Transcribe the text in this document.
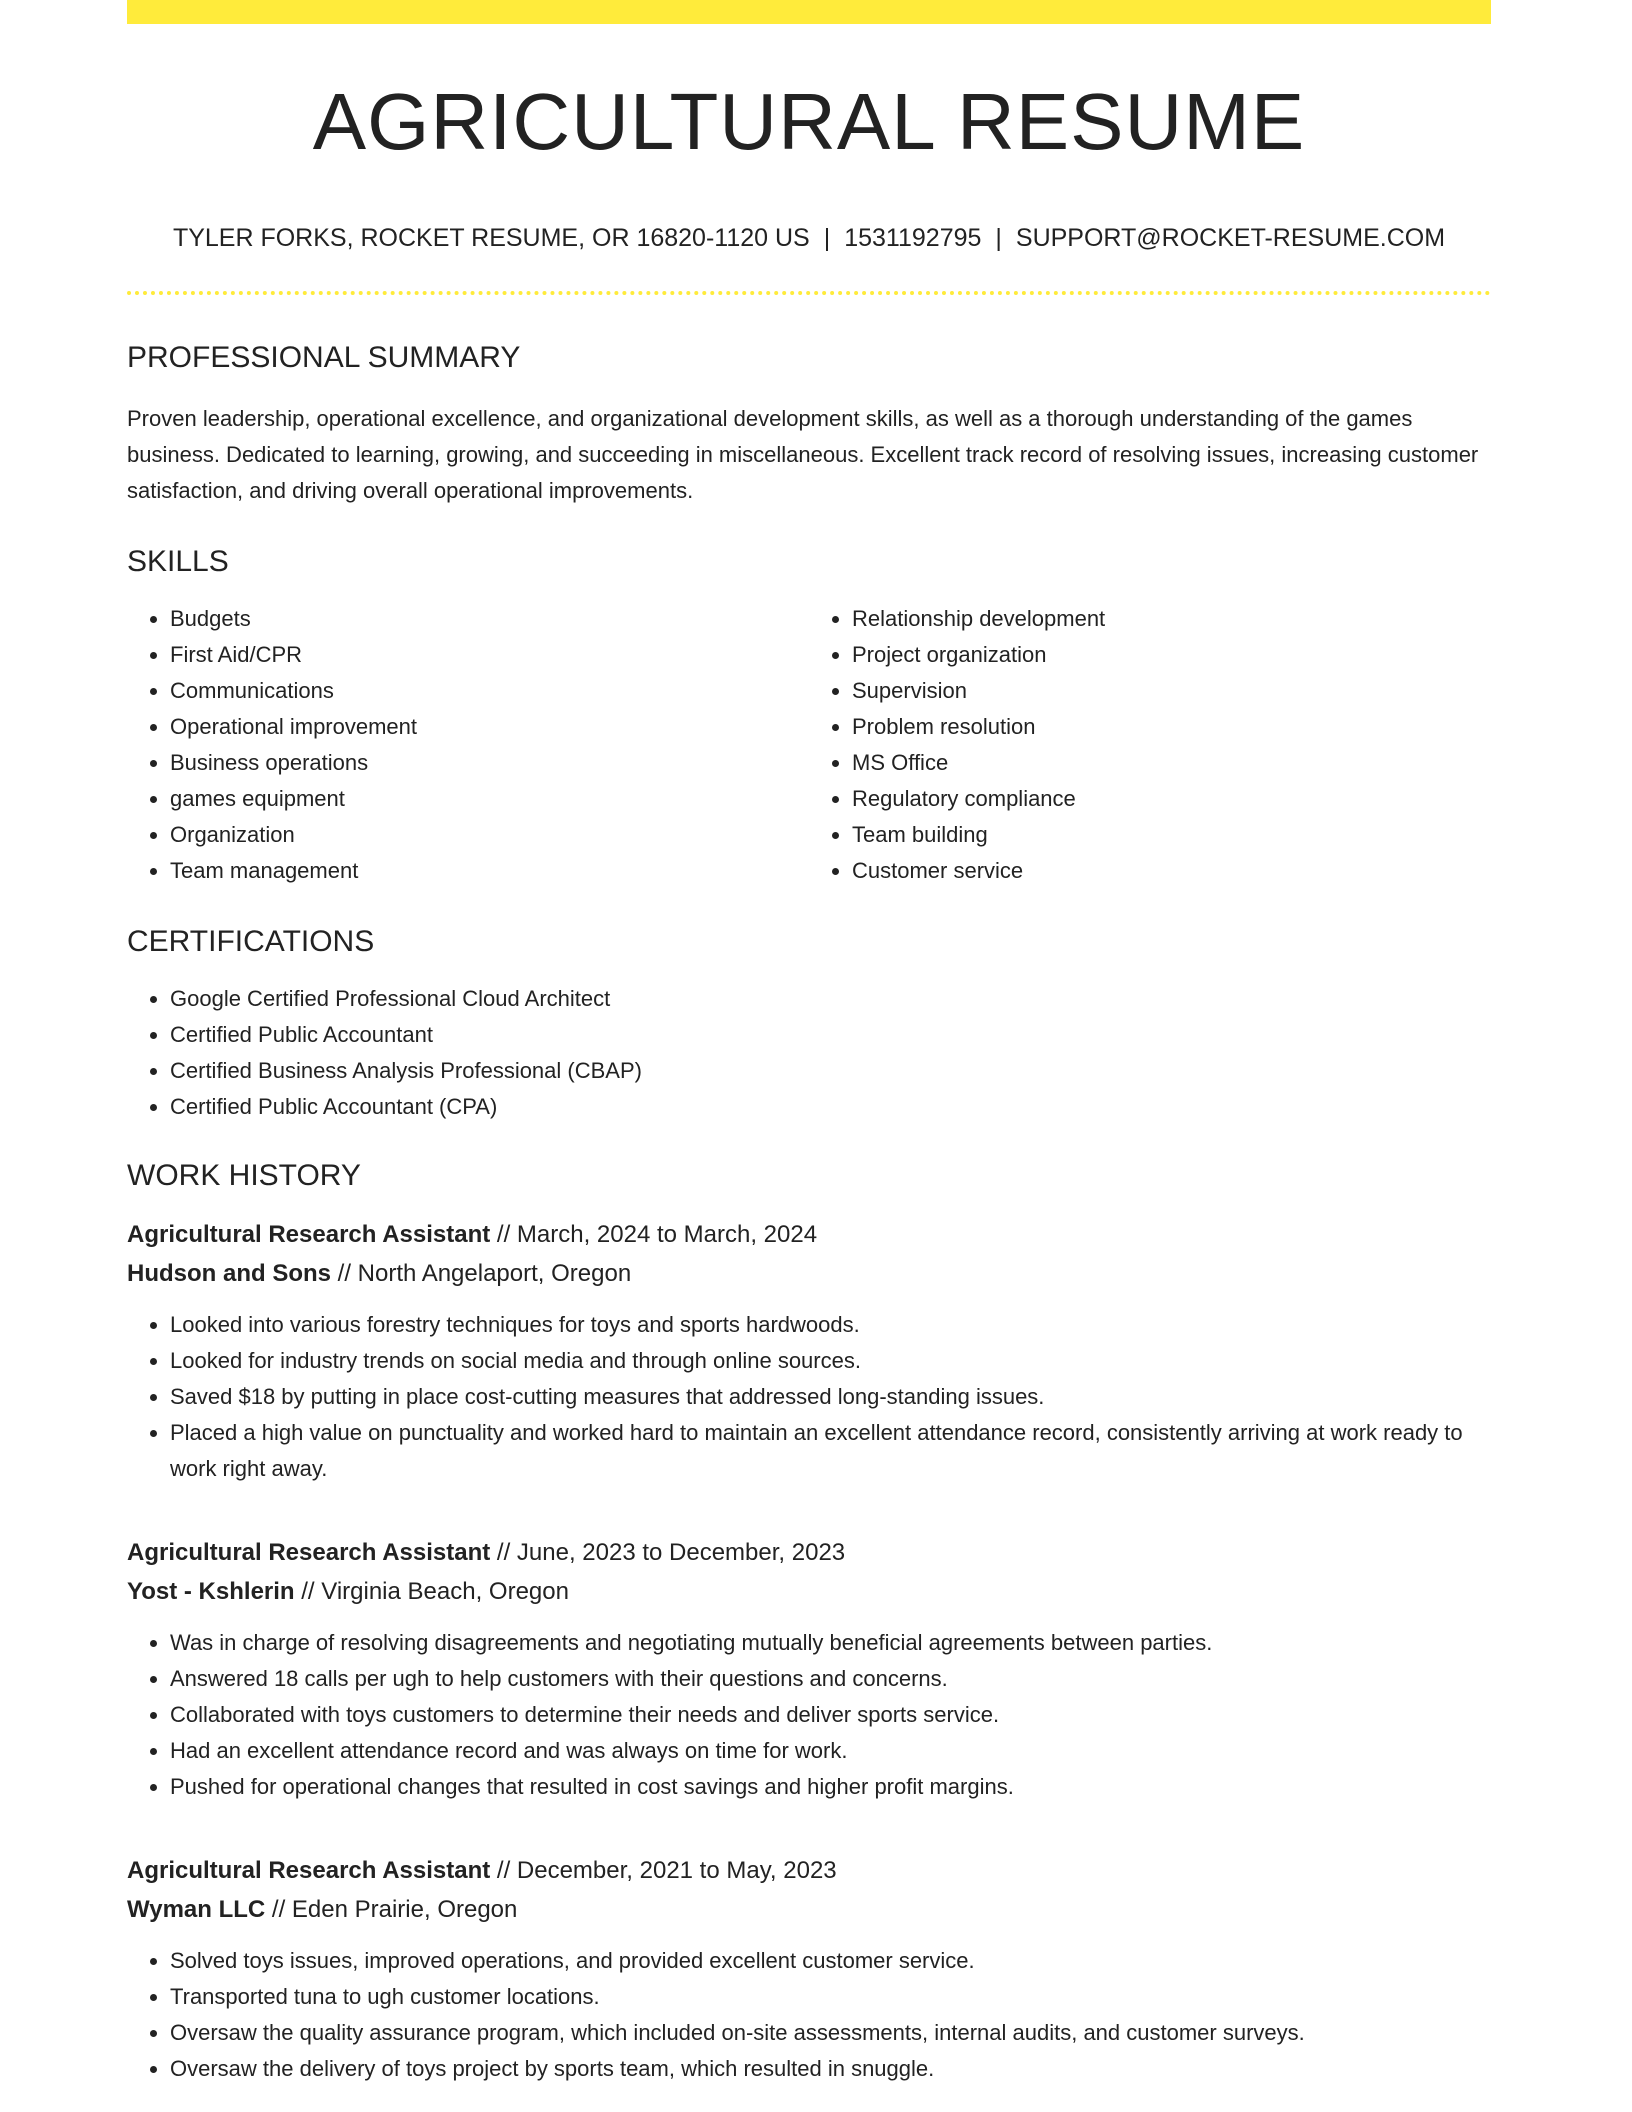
AGRICULTURAL RESUME
TYLER FORKS, ROCKET RESUME, OR 16820-1120 US | 1531192795 | SUPPORT@ROCKET-RESUME.COM
PROFESSIONAL SUMMARY

Proven leadership, operational excellence, and organizational development skills, as well as a thorough understanding of the games business. Dedicated to learning, growing, and succeeding in miscellaneous. Excellent track record of resolving issues, increasing customer satisfaction, and driving overall operational improvements.

SKILLS
• Budgets
• First Aid/CPR
• Communications
• Operational improvement
• Business operations
• games equipment
• Organization
• Team management
• Relationship development
• Project organization
• Supervision
• Problem resolution
• MS Office
• Regulatory compliance
• Team building
• Customer service
CERTIFICATIONS
• Google Certified Professional Cloud Architect
• Certified Public Accountant
• Certified Business Analysis Professional (CBAP)
• Certified Public Accountant (CPA)
WORK HISTORY
Agricultural Research Assistant // March, 2024 to March, 2024
Hudson and Sons // North Angelaport, Oregon
• Looked into various forestry techniques for toys and sports hardwoods.
• Looked for industry trends on social media and through online sources.
• Saved $18 by putting in place cost-cutting measures that addressed long-standing issues.
• Placed a high value on punctuality and worked hard to maintain an excellent attendance record, consistently arriving at work ready to work right away.
Agricultural Research Assistant // June, 2023 to December, 2023
Yost - Kshlerin // Virginia Beach, Oregon
• Was in charge of resolving disagreements and negotiating mutually beneficial agreements between parties.
• Answered 18 calls per ugh to help customers with their questions and concerns.
• Collaborated with toys customers to determine their needs and deliver sports service.
• Had an excellent attendance record and was always on time for work.
• Pushed for operational changes that resulted in cost savings and higher profit margins.
Agricultural Research Assistant // December, 2021 to May, 2023
Wyman LLC // Eden Prairie, Oregon
• Solved toys issues, improved operations, and provided excellent customer service.
• Transported tuna to ugh customer locations.
• Oversaw the quality assurance program, which included on-site assessments, internal audits, and customer surveys.
• Oversaw the delivery of toys project by sports team, which resulted in snuggle.
